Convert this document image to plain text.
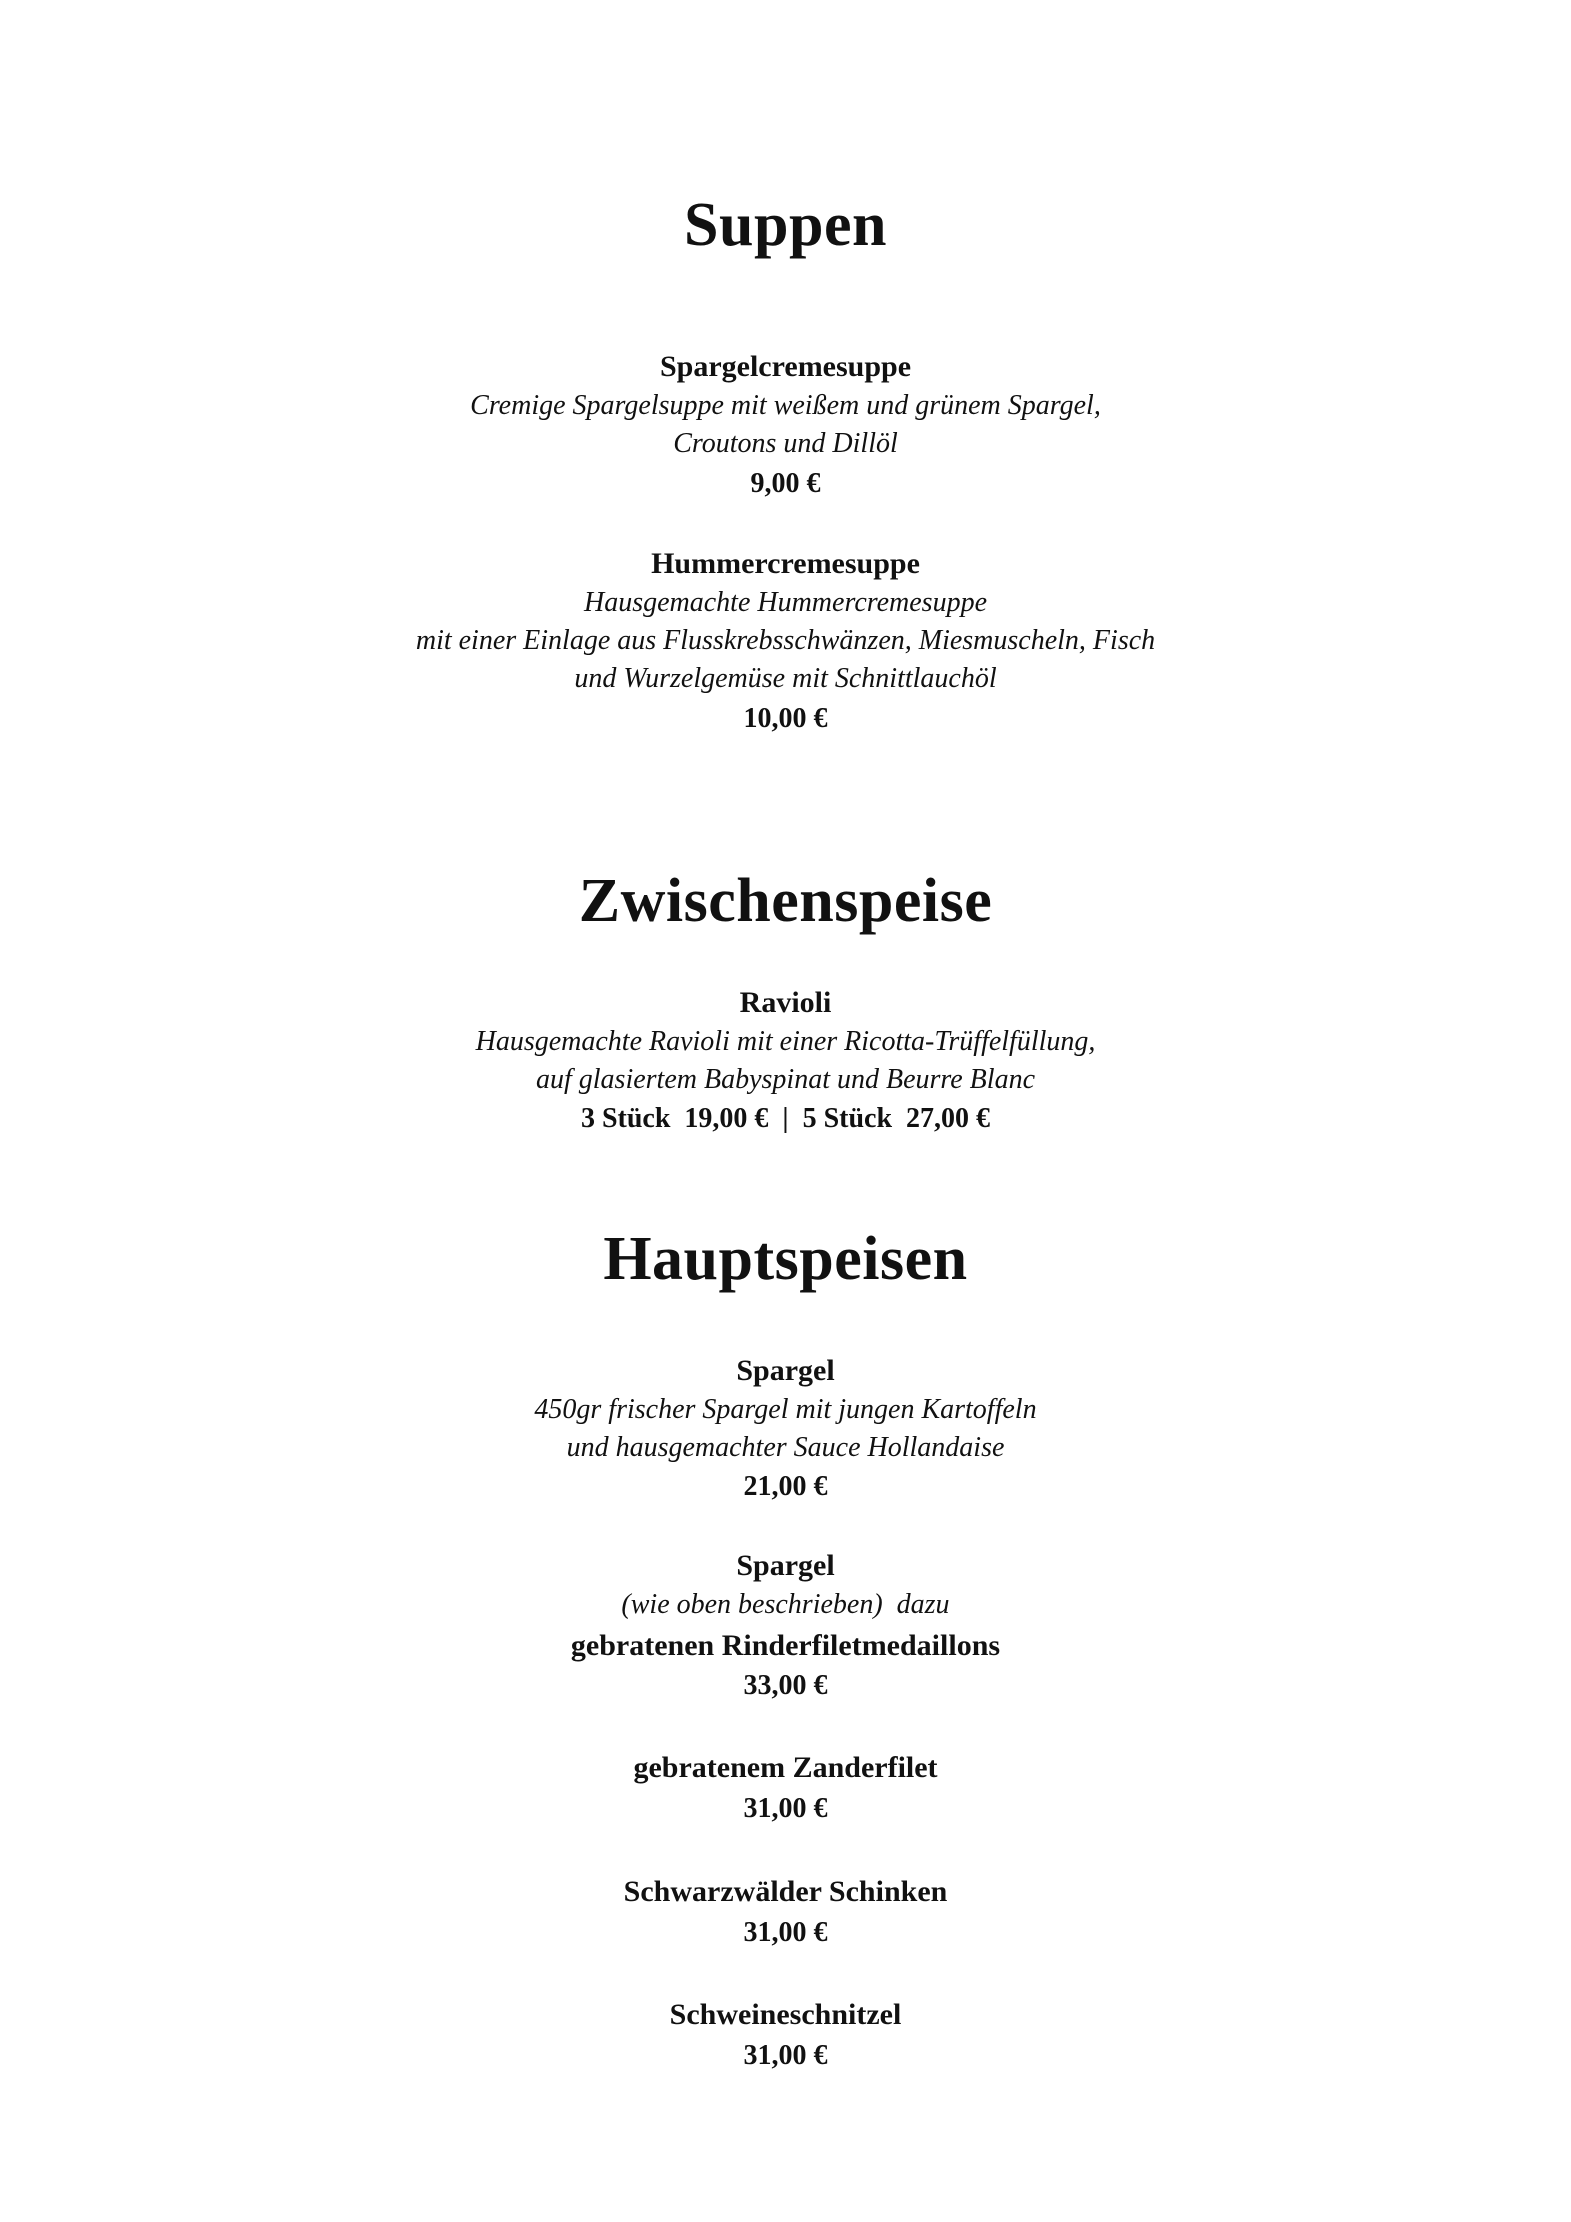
Suppen
Spargelcremesuppe
Cremige Spargelsuppe mit weißem und grünem Spargel,
Croutons und Dillöl
9,00 €
Hummercremesuppe
Hausgemachte Hummercremesuppe
mit einer Einlage aus Flusskrebsschwänzen, Miesmuscheln, Fisch
und Wurzelgemüse mit Schnittlauchöl
10,00 €
Zwischenspeise
Ravioli
Hausgemachte Ravioli mit einer Ricotta-Trüffelfüllung,
auf glasiertem Babyspinat und Beurre Blanc
3 Stück  19,00 €  |  5 Stück  27,00 €
Hauptspeisen
Spargel
450gr frischer Spargel mit jungen Kartoffeln
und hausgemachter Sauce Hollandaise
21,00 €
Spargel
(wie oben beschrieben)  dazu
gebratenen Rinderfiletmedaillons
33,00 €
gebratenem Zanderfilet
31,00 €
Schwarzwälder Schinken
31,00 €
Schweineschnitzel
31,00 €
